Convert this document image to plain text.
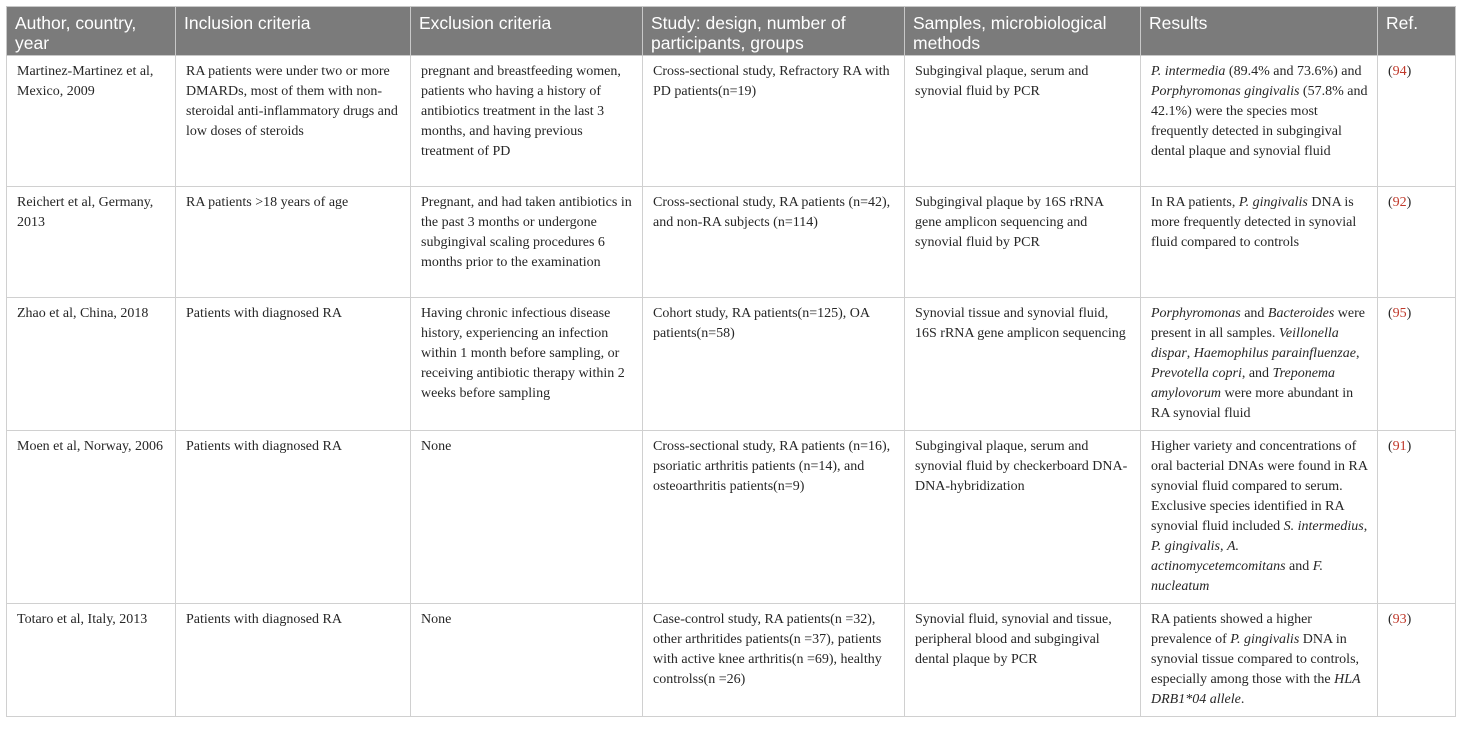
Author, country, year	Inclusion criteria	Exclusion criteria	Study: design, number of participants, groups	Samples, microbiological methods	Results	Ref.
Martinez-Martinez et al, Mexico, 2009	RA patients were under two or more DMARDs, most of them with non-steroidal anti-inflammatory drugs and low doses of steroids	pregnant and breastfeeding women, patients who having a history of antibiotics treatment in the last 3 months, and having previous treatment of PD	Cross-sectional study, Refractory RA with PD patients(n=19)	Subgingival plaque, serum and synovial fluid by PCR	P. intermedia (89.4% and 73.6%) and Porphyromonas gingivalis (57.8% and 42.1%) were the species most frequently detected in subgingival dental plaque and synovial fluid	(94)
Reichert et al, Germany, 2013	RA patients >18 years of age	Pregnant, and had taken antibiotics in the past 3 months or undergone subgingival scaling procedures 6 months prior to the examination	Cross-sectional study, RA patients (n=42), and non-RA subjects (n=114)	Subgingival plaque by 16S rRNA gene amplicon sequencing and synovial fluid by PCR	In RA patients, P. gingivalis DNA is more frequently detected in synovial fluid compared to controls	(92)
Zhao et al, China, 2018	Patients with diagnosed RA	Having chronic infectious disease history, experiencing an infection within 1 month before sampling, or receiving antibiotic therapy within 2 weeks before sampling	Cohort study, RA patients(n=125), OA patients(n=58)	Synovial tissue and synovial fluid, 16S rRNA gene amplicon sequencing	Porphyromonas and Bacteroides were present in all samples. Veillonella dispar, Haemophilus parainfluenzae, Prevotella copri, and Treponema amylovorum were more abundant in RA synovial fluid	(95)
Moen et al, Norway, 2006	Patients with diagnosed RA	None	Cross-sectional study, RA patients (n=16), psoriatic arthritis patients (n=14), and osteoarthritis patients(n=9)	Subgingival plaque, serum and synovial fluid by checkerboard DNA-DNA-hybridization	Higher variety and concentrations of oral bacterial DNAs were found in RA synovial fluid compared to serum. Exclusive species identified in RA synovial fluid included S. intermedius, P. gingivalis, A. actinomycetemcomitans and F. nucleatum	(91)
Totaro et al, Italy, 2013	Patients with diagnosed RA	None	Case-control study, RA patients(n =32), other arthritides patients(n =37), patients with active knee arthritis(n =69), healthy controlss(n =26)	Synovial fluid, synovial and tissue, peripheral blood and subgingival dental plaque by PCR	RA patients showed a higher prevalence of P. gingivalis DNA in synovial tissue compared to controls, especially among those with the HLA DRB1*04 allele.	(93)
